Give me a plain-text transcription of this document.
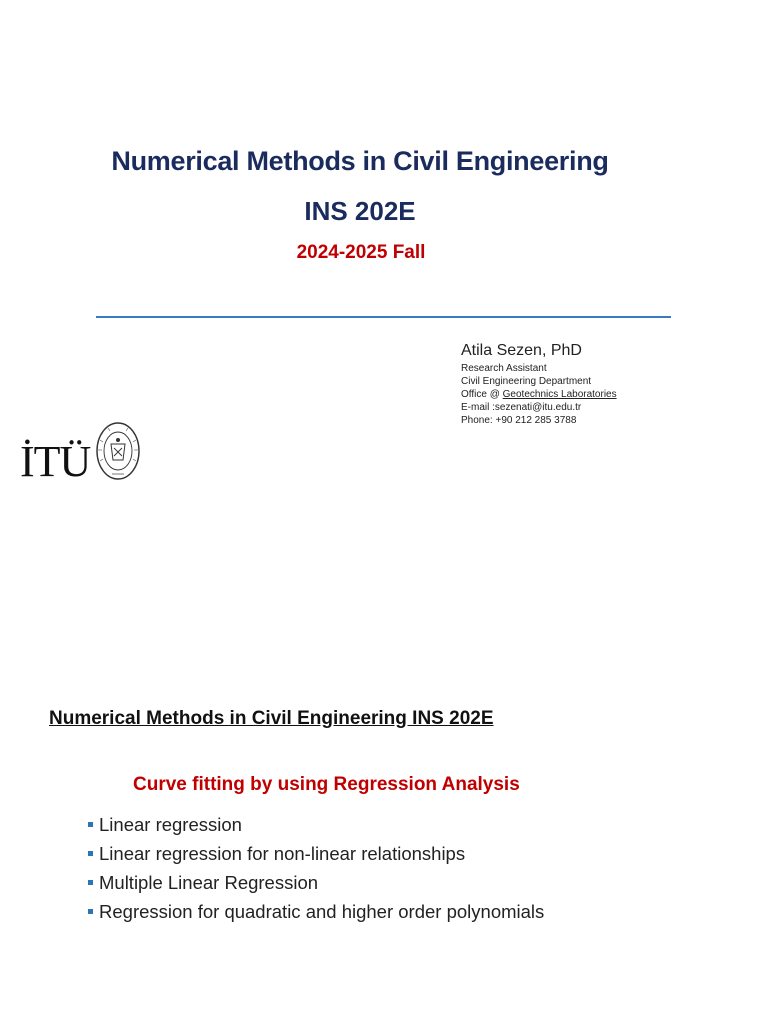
Numerical Methods in Civil Engineering
INS 202E
2024-2025 Fall
Atila Sezen, PhD
Research Assistant
Civil Engineering Department
Office @ Geotechnics Laboratories
E-mail :sezenati@itu.edu.tr
Phone: +90 212 285 3788
İTÜ
Numerical Methods in Civil Engineering INS 202E
Curve fitting by using Regression Analysis
Linear regression
Linear regression for non-linear relationships
Multiple Linear Regression
Regression for quadratic and higher order polynomials
